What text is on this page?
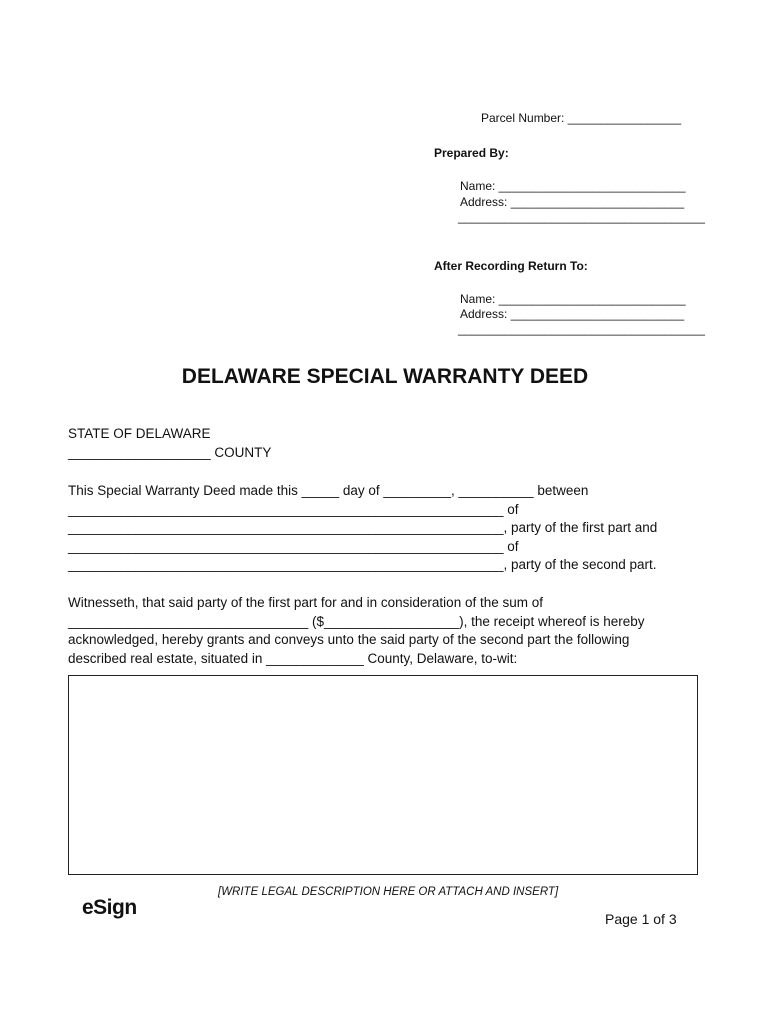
Parcel Number: _________________
Prepared By:
Name: ____________________________
Address: __________________________
_____________________________________
After Recording Return To:
Name: ____________________________
Address: __________________________
_____________________________________
DELAWARE SPECIAL WARRANTY DEED
STATE OF DELAWARE
___________________ COUNTY
This Special Warranty Deed made this _____ day of _________, __________ between
__________________________________________________________ of
__________________________________________________________, party of the first part and
__________________________________________________________ of
__________________________________________________________, party of the second part.
Witnesseth, that said party of the first part for and in consideration of the sum of
________________________________ ($__________________), the receipt whereof is hereby
acknowledged, hereby grants and conveys unto the said party of the second part the following
described real estate, situated in _____________ County, Delaware, to-wit:
[WRITE LEGAL DESCRIPTION HERE OR ATTACH AND INSERT]
eSign	Page 1 of 3
